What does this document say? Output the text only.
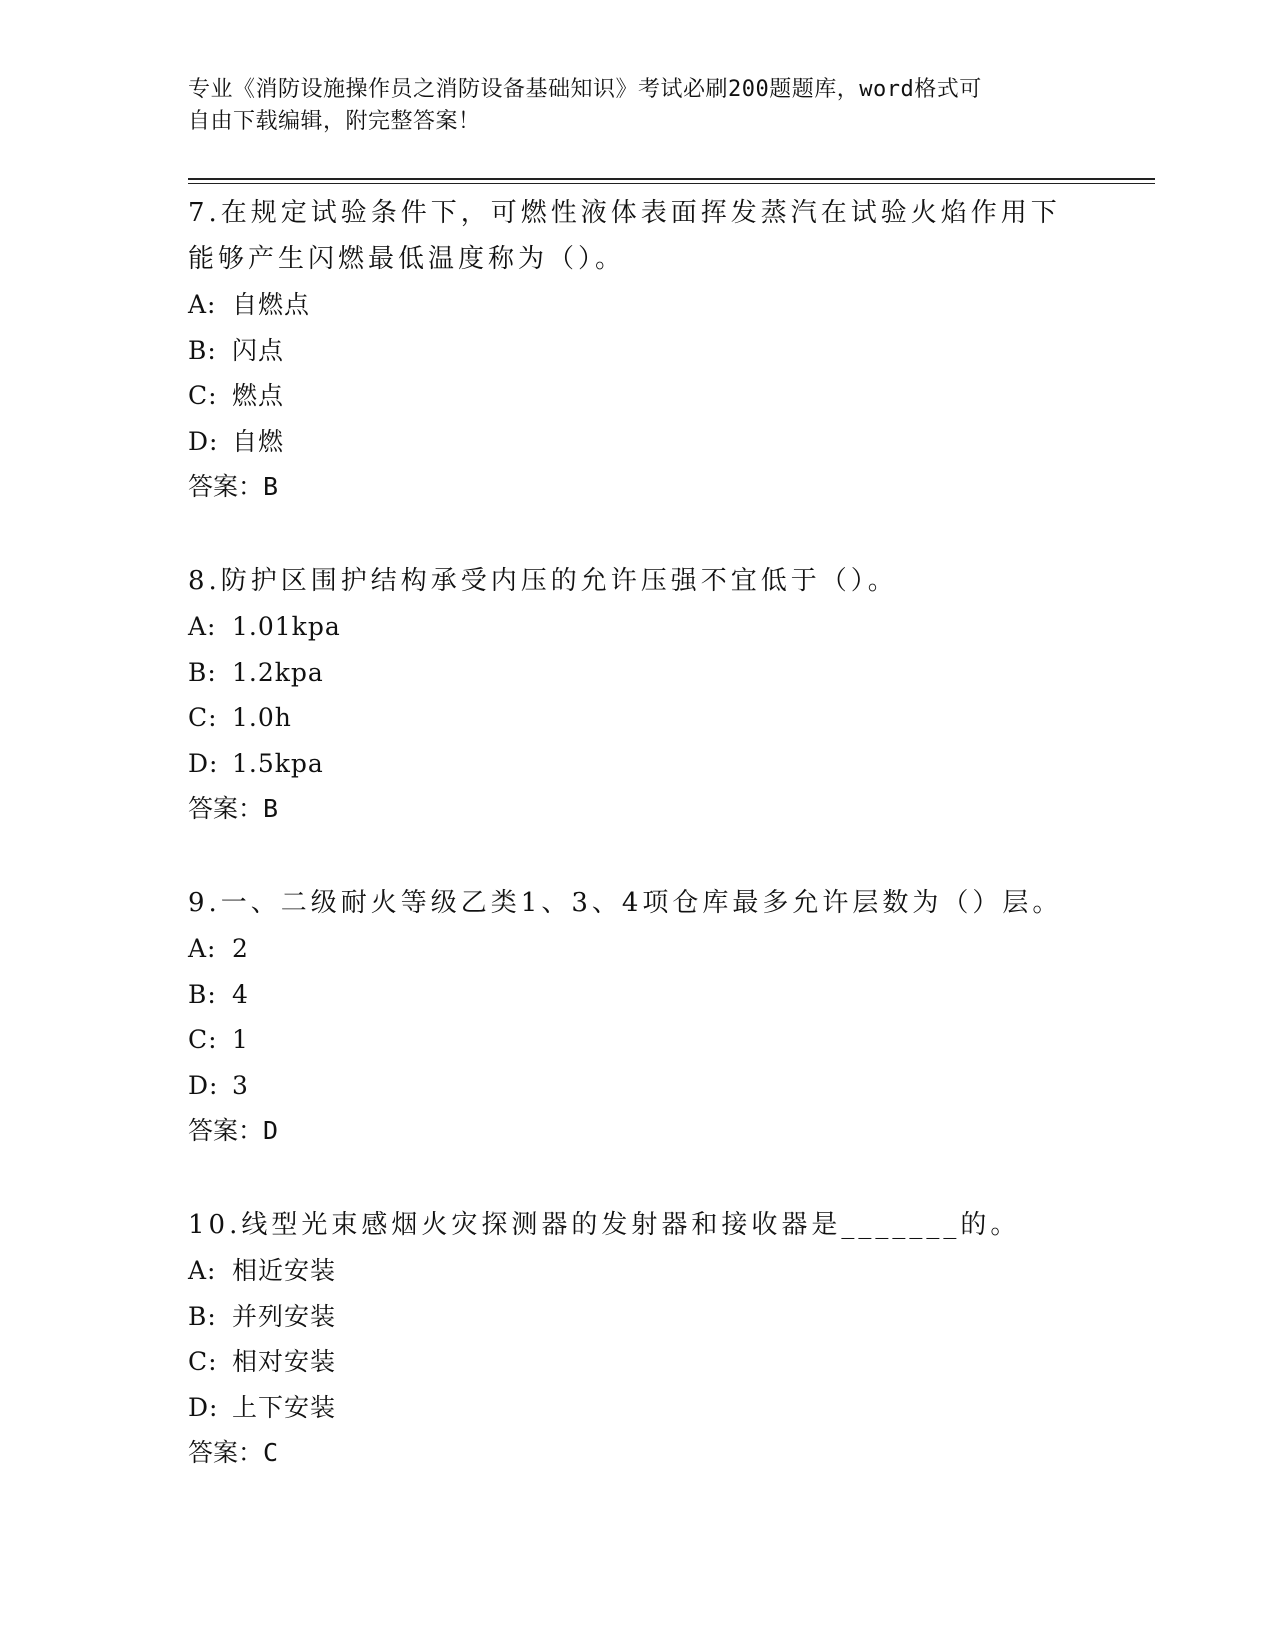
专业《消防设施操作员之消防设备基础知识》考试必刷200题题库，word格式可
自由下载编辑，附完整答案！
7.在规定试验条件下，可燃性液体表面挥发蒸汽在试验火焰作用下能够产生闪燃最低温度称为（）。
A: 自燃点
B: 闪点
C: 燃点
D: 自燃
答案：B
8.防护区围护结构承受内压的允许压强不宜低于（）。
A: 1.01kpa
B: 1.2kpa
C: 1.0h
D: 1.5kpa
答案：B
9.一、二级耐火等级乙类1、3、4项仓库最多允许层数为（）层。
A: 2
B: 4
C: 1
D: 3
答案：D
10.线型光束感烟火灾探测器的发射器和接收器是_______的。
A: 相近安装
B: 并列安装
C: 相对安装
D: 上下安装
答案：C
